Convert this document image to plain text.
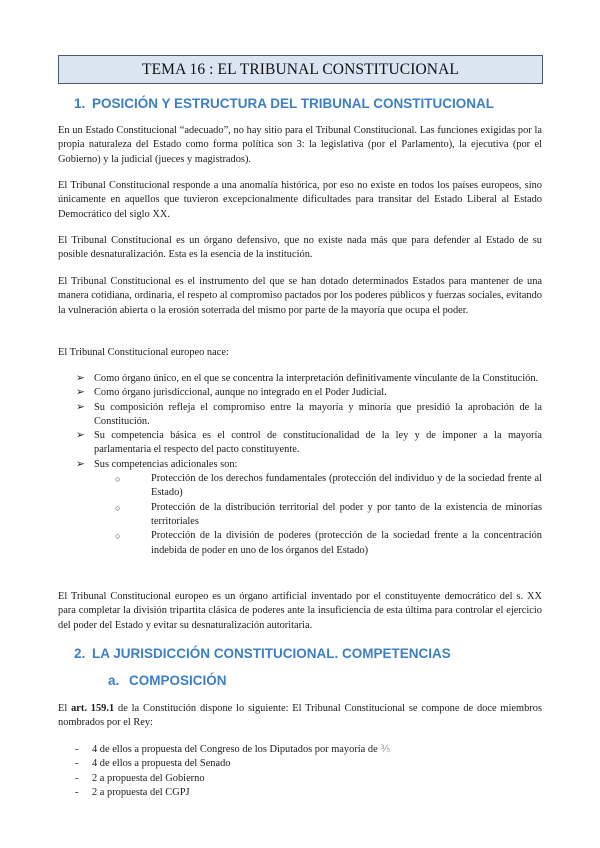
TEMA 16 : EL TRIBUNAL CONSTITUCIONAL
1. POSICIÓN Y ESTRUCTURA DEL TRIBUNAL CONSTITUCIONAL
En un Estado Constitucional “adecuado”, no hay sitio para el Tribunal Constitucional. Las funciones exigidas por la propia naturaleza del Estado como forma política son 3: la legislativa (por el Parlamento), la ejecutiva (por el Gobierno) y la judicial (jueces y magistrados).
El Tribunal Constitucional responde a una anomalía histórica, por eso no existe en todos los países europeos, sino únicamente en aquellos que tuvieron excepcionalmente dificultades para transitar del Estado Liberal al Estado Democrático del siglo XX.
El Tribunal Constitucional es un órgano defensivo, que no existe nada más que para defender al Estado de su posible desnaturalización. Esta es la esencia de la institución.
El Tribunal Constitucional es el instrumento del que se han dotado determinados Estados para mantener de una manera cotidiana, ordinaria, el respeto al compromiso pactados por los poderes públicos y fuerzas sociales, evitando la vulneración abierta o la erosión soterrada del mismo por parte de la mayoría que ocupa el poder.
El Tribunal Constitucional europeo nace:
➢ Como órgano único, en el que se concentra la interpretación definitivamente vinculante de la Constitución.
➢ Como órgano jurisdiccional, aunque no integrado en el Poder Judicial.
➢ Su composición refleja el compromiso entre la mayoría y minoría que presidió la aprobación de la Constitución.
➢ Su competencia básica es el control de constitucionalidad de la ley y de imponer a la mayoría parlamentaria el respecto del pacto constituyente.
➢ Sus competencias adicionales son:
○	Protección de los derechos fundamentales (protección del individuo y de la sociedad frente al Estado)
○	Protección de la distribución territorial del poder y por tanto de la existencia de minorías territoriales
○	Protección de la división de poderes (protección de la sociedad frente a la concentración indebida de poder en uno de los órganos del Estado)
El Tribunal Constitucional europeo es un órgano artificial inventado por el constituyente democrático del s. XX para completar la división tripartita clásica de poderes ante la insuficiencia de esta última para controlar el ejercicio del poder del Estado y evitar su desnaturalización autoritaria.
2. LA JURISDICCIÓN CONSTITUCIONAL. COMPETENCIAS
a. COMPOSICIÓN
El art. 159.1 de la Constitución dispone lo siguiente: El Tribunal Constitucional se compone de doce miembros nombrados por el Rey:
- 4 de ellos a propuesta del Congreso de los Diputados por mayoría de ⅗
- 4 de ellos a propuesta del Senado
- 2 a propuesta del Gobierno
- 2 a propuesta del CGPJ
